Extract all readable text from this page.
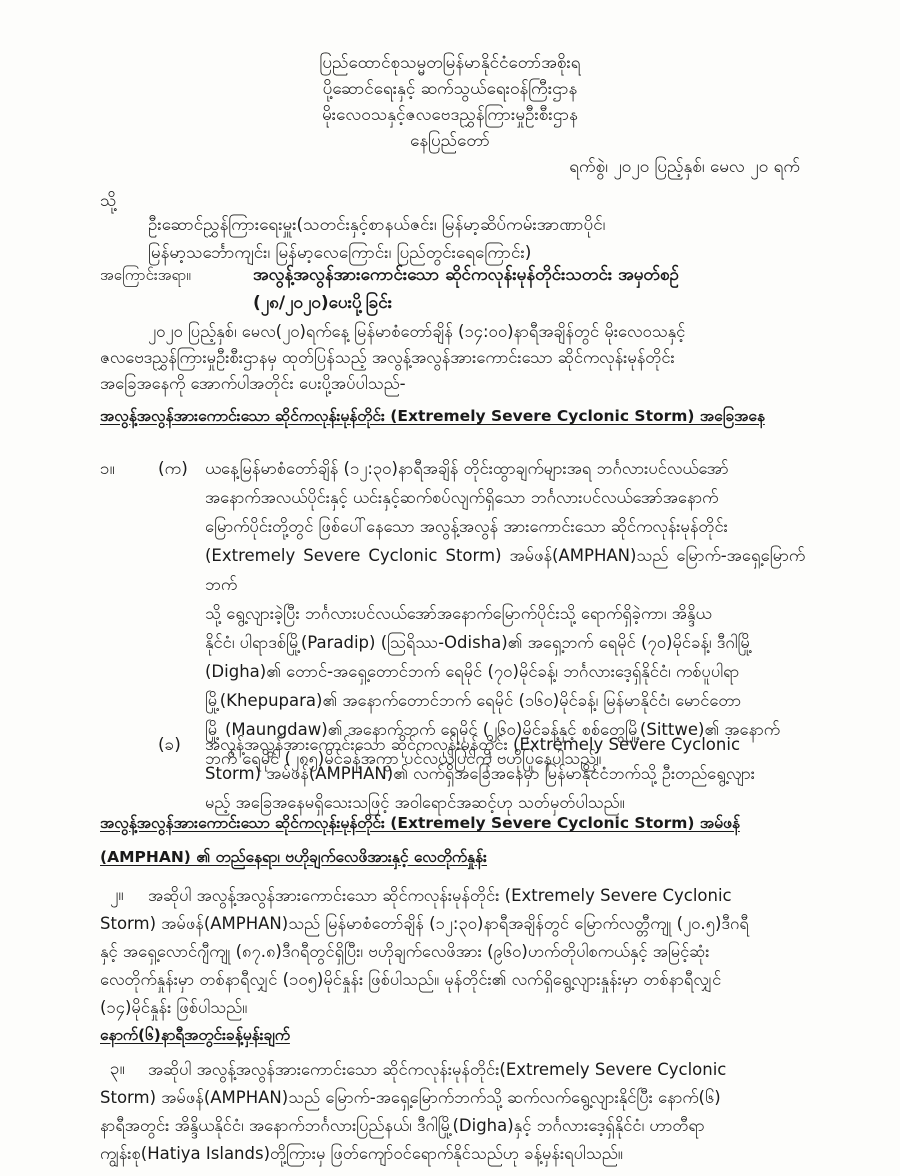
ပြည်ထောင်စုသမ္မတမြန်မာနိုင်ငံတော်အစိုးရ
ပို့ဆောင်ရေးနှင့် ဆက်သွယ်ရေးဝန်ကြီးဌာန
မိုးလေဝသနှင့်ဇလဗေဒညွှန်ကြားမှုဦးစီးဌာန
နေပြည်တော်
ရက်စွဲ၊ ၂၀၂၀ ပြည့်နှစ်၊ မေလ ၂၀ ရက်
သို့
ဦးဆောင်ညွှန်ကြားရေးမှူး(သတင်းနှင့်စာနယ်ဇင်း၊ မြန်မာ့ဆိပ်ကမ်းအာဏာပိုင်၊
မြန်မာ့သင်္ဘောကျင်း၊ မြန်မာ့လေကြောင်း၊ ပြည်တွင်းရေကြောင်း)
အကြောင်းအရာ။	အလွန့်အလွန်အားကောင်းသော ဆိုင်ကလုန်းမုန်တိုင်းသတင်း အမှတ်စဉ်
(၂၈/၂၀၂၀)ပေးပို့ခြင်း
၂၀၂၀ ပြည့်နှစ်၊ မေလ(၂၀)ရက်နေ့ မြန်မာစံတော်ချိန် (၁၄:၀၀)နာရီအချိန်တွင် မိုးလေဝသနှင့်
ဇလဗေဒညွှန်ကြားမှုဦးစီးဌာနမှ ထုတ်ပြန်သည့် အလွန့်အလွန်အားကောင်းသော ဆိုင်ကလုန်းမုန်တိုင်း
အခြေအနေကို အောက်ပါအတိုင်း ပေးပို့အပ်ပါသည်-
အလွန့်အလွန်အားကောင်းသော ဆိုင်ကလုန်းမုန်တိုင်း (Extremely Severe Cyclonic Storm) အခြေအနေ
၁။	(က) ယနေ့မြန်မာစံတော်ချိန် (၁၂:၃၀)နာရီအချိန် တိုင်းထွာချက်များအရ ဘင်္ဂလားပင်လယ်အော်
အနောက်အလယ်ပိုင်းနှင့် ယင်းနှင့်ဆက်စပ်လျက်ရှိသော ဘင်္ဂလားပင်လယ်အော်အနောက်
မြောက်ပိုင်းတို့တွင် ဖြစ်ပေါ်နေသော အလွန့်အလွန် အားကောင်းသော ဆိုင်ကလုန်းမုန်တိုင်း
(Extremely Severe Cyclonic Storm) အမ်ဖန်(AMPHAN)သည် မြောက်-အရှေ့မြောက်ဘက်
သို့ ရွေ့လျားခဲ့ပြီး ဘင်္ဂလားပင်လယ်အော်အနောက်မြောက်ပိုင်းသို့ ရောက်ရှိခဲ့ကာ၊ အိန္ဒိယ
နိုင်ငံ၊ ပါရာဒစ်မြို့(Paradip) (ဩရိဿ-Odisha)၏ အရှေ့ဘက် ရေမိုင် (၇၀)မိုင်ခန့်၊ ဒီဂါမြို့
(Digha)၏ တောင်-အရှေ့တောင်ဘက် ရေမိုင် (၇၀)မိုင်ခန့်၊ ဘင်္ဂလားဒေ့ရှ်နိုင်ငံ၊ ကစ်ပူပါရာ
မြို့(Khepupara)၏ အနောက်တောင်ဘက် ရေမိုင် (၁၆၀)မိုင်ခန့်၊ မြန်မာနိုင်ငံ၊ မောင်တော
မြို့ (Maungdaw)၏ အနောက်ဘက် ရေမိုင် (၂၆၀)မိုင်ခန့်နှင့် စစ်တွေမြို့(Sittwe)၏ အနောက်
ဘက် ရေမိုင် (၂၈၅)မိုင်ခန့်အကွာ ပင်လယ်ပြင်ကို ဗဟိုပြုနေပါသည်။
(ခ) အလွန့်အလွန်အားကောင်းသော ဆိုင်ကလုန်းမုန်တိုင်း (Extremely Severe Cyclonic
Storm) အမ်ဖန်(AMPHAN)၏ လက်ရှိအခြေအနေမှာ မြန်မာနိုင်ငံဘက်သို့ ဦးတည်ရွေ့လျား
မည့် အခြေအနေမရှိသေးသဖြင့် အဝါရောင်အဆင့်ဟု သတ်မှတ်ပါသည်။
အလွန့်အလွန်အားကောင်းသော ဆိုင်ကလုန်းမုန်တိုင်း (Extremely Severe Cyclonic Storm) အမ်ဖန်
(AMPHAN) ၏ တည်နေရာ၊ ဗဟိုချက်လေဖိအားနှင့် လေတိုက်နှုန်း
၂။ အဆိုပါ အလွန့်အလွန်အားကောင်းသော ဆိုင်ကလုန်းမုန်တိုင်း (Extremely Severe Cyclonic
Storm) အမ်ဖန်(AMPHAN)သည် မြန်မာစံတော်ချိန် (၁၂:၃၀)နာရီအချိန်တွင် မြောက်လတ္တီကျု (၂၀.၅)ဒီဂရီ
နှင့် အရှေ့လောင်ဂျီကျု (၈၇.၈)ဒီဂရီတွင်ရှိပြီး၊ ဗဟိုချက်လေဖိအား (၉၆၀)ဟက်တိုပါစကယ်နှင့် အမြင့်ဆုံး
လေတိုက်နှုန်းမှာ တစ်နာရီလျှင် (၁၀၅)မိုင်နှုန်း ဖြစ်ပါသည်။ မုန်တိုင်း၏ လက်ရှိရွေ့လျားနှုန်းမှာ တစ်နာရီလျှင်
(၁၄)မိုင်နှုန်း ဖြစ်ပါသည်။
နောက်(၆)နာရီအတွင်းခန့်မှန်းချက်
၃။ အဆိုပါ အလွန့်အလွန်အားကောင်းသော ဆိုင်ကလုန်းမုန်တိုင်း(Extremely Severe Cyclonic
Storm) အမ်ဖန်(AMPHAN)သည် မြောက်-အရှေ့မြောက်ဘက်သို့ ဆက်လက်ရွေ့လျားနိုင်ပြီး နောက်(၆)
နာရီအတွင်း အိန္ဒိယနိုင်ငံ၊ အနောက်ဘင်္ဂလားပြည်နယ်၊ ဒီဂါမြို့(Digha)နှင့် ဘင်္ဂလားဒေ့ရှ်နိုင်ငံ၊ ဟာတီရာ
ကျွန်းစု(Hatiya Islands)တို့ကြားမှ ဖြတ်ကျော်ဝင်ရောက်နိုင်သည်ဟု ခန့်မှန်းရပါသည်။
